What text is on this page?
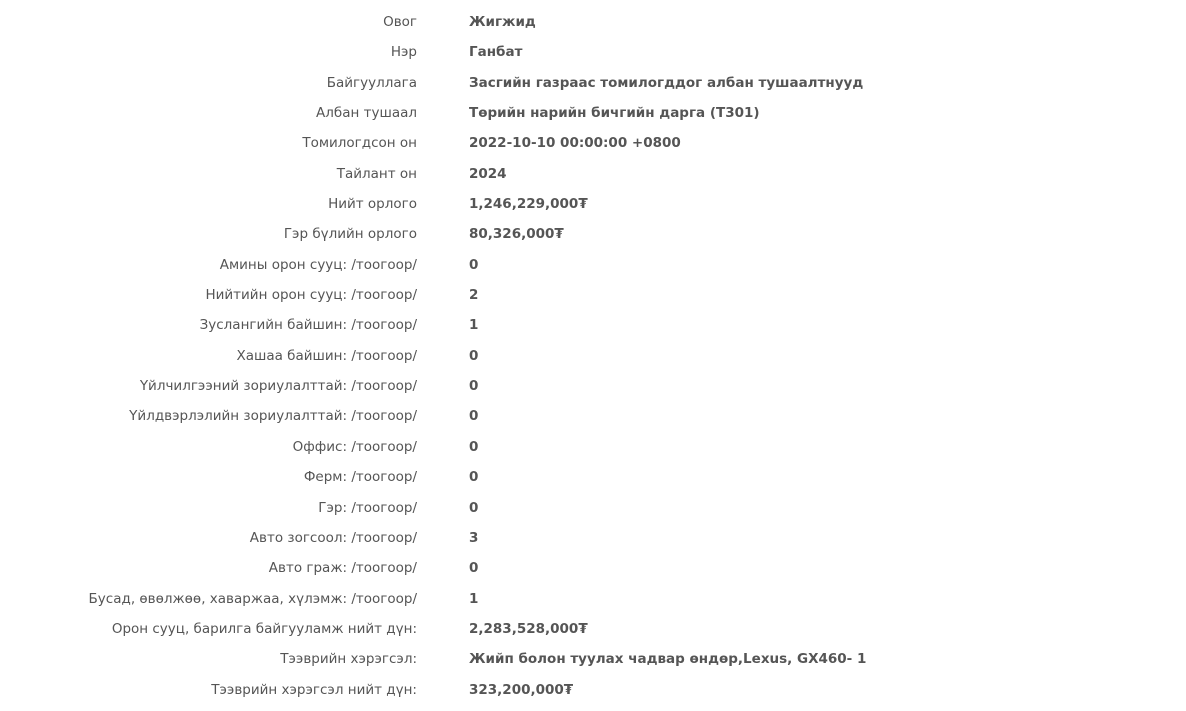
Овог	Жигжид
Нэр	Ганбат
Байгууллага	Засгийн газраас томилогддог албан тушаалтнууд
Албан тушаал	Төрийн нарийн бичгийн дарга (Т301)
Томилогдсон он	2022-10-10 00:00:00 +0800
Тайлант он	2024
Нийт орлого	1,246,229,000₮
Гэр бүлийн орлого	80,326,000₮
Амины орон сууц: /тоогоор/	0
Нийтийн орон сууц: /тоогоор/	2
Зуслангийн байшин: /тоогоор/	1
Хашаа байшин: /тоогоор/	0
Үйлчилгээний зориулалттай: /тоогоор/	0
Үйлдвэрлэлийн зориулалттай: /тоогоор/	0
Оффис: /тоогоор/	0
Ферм: /тоогоор/	0
Гэр: /тоогоор/	0
Авто зогсоол: /тоогоор/	3
Авто граж: /тоогоор/	0
Бусад, өвөлжөө, хаваржаа, хүлэмж: /тоогоор/	1
Орон сууц, барилга байгууламж нийт дүн:	2,283,528,000₮
Тээврийн хэрэгсэл:	Жийп болон туулах чадвар өндөр,Lexus, GX460- 1
Тээврийн хэрэгсэл нийт дүн:	323,200,000₮
